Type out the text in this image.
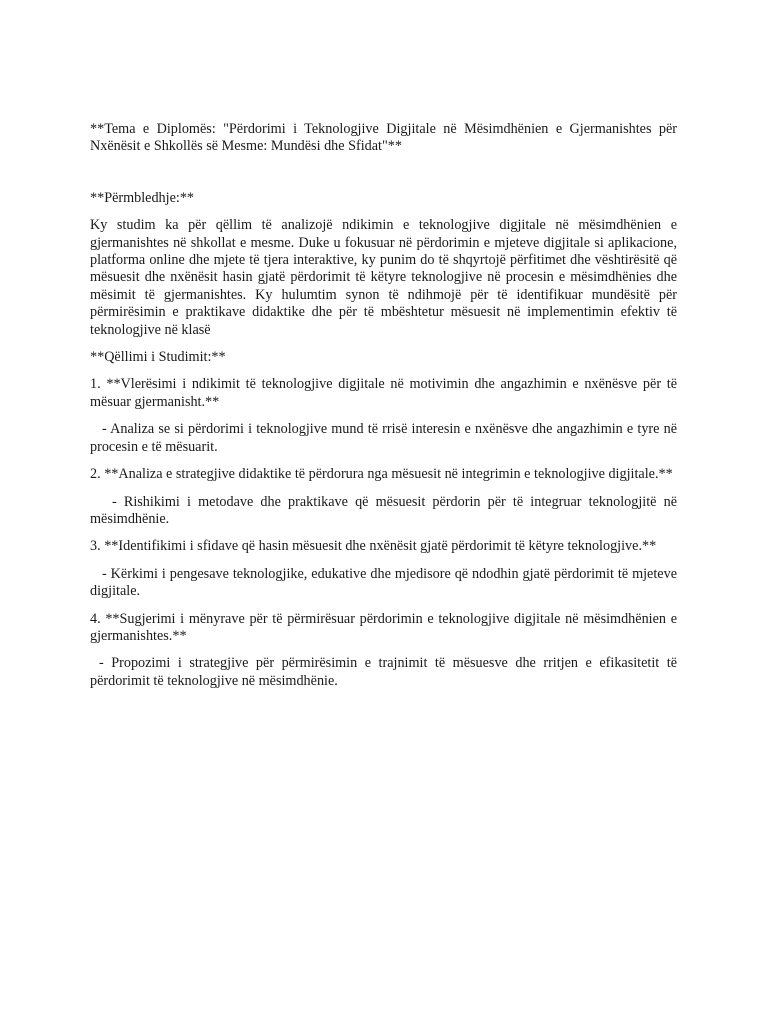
**Tema e Diplomës: "Përdorimi i Teknologjive Digjitale në Mësimdhënien e Gjermanishtes për Nxënësit e Shkollës së Mesme: Mundësi dhe Sfidat"**

**Përmbledhje:**

Ky studim ka për qëllim të analizojë ndikimin e teknologjive digjitale në mësimdhënien e gjermanishtes në shkollat e mesme. Duke u fokusuar në përdorimin e mjeteve digjitale si aplikacione, platforma online dhe mjete të tjera interaktive, ky punim do të shqyrtojë përfitimet dhe vështirësitë që mësuesit dhe nxënësit hasin gjatë përdorimit të këtyre teknologjive në procesin e mësimdhënies dhe mësimit të gjermanishtes. Ky hulumtim synon të ndihmojë për të identifikuar mundësitë për përmirësimin e praktikave didaktike dhe për të mbështetur mësuesit në implementimin efektiv të teknologjive në klasë

**Qëllimi i Studimit:**

1. **Vlerësimi i ndikimit të teknologjive digjitale në motivimin dhe angazhimin e nxënësve për të mësuar gjermanisht.**

- Analiza se si përdorimi i teknologjive mund të rrisë interesin e nxënësve dhe angazhimin e tyre në procesin e të mësuarit.

2. **Analiza e strategjive didaktike të përdorura nga mësuesit në integrimin e teknologjive digjitale.**

- Rishikimi i metodave dhe praktikave që mësuesit përdorin për të integruar teknologjitë në mësimdhënie.

3. **Identifikimi i sfidave që hasin mësuesit dhe nxënësit gjatë përdorimit të këtyre teknologjive.**

- Kërkimi i pengesave teknologjike, edukative dhe mjedisore që ndodhin gjatë përdorimit të mjeteve digjitale.

4. **Sugjerimi i mënyrave për të përmirësuar përdorimin e teknologjive digjitale në mësimdhënien e gjermanishtes.**

- Propozimi i strategjive për përmirësimin e trajnimit të mësuesve dhe rritjen e efikasitetit të përdorimit të teknologjive në mësimdhënie.
